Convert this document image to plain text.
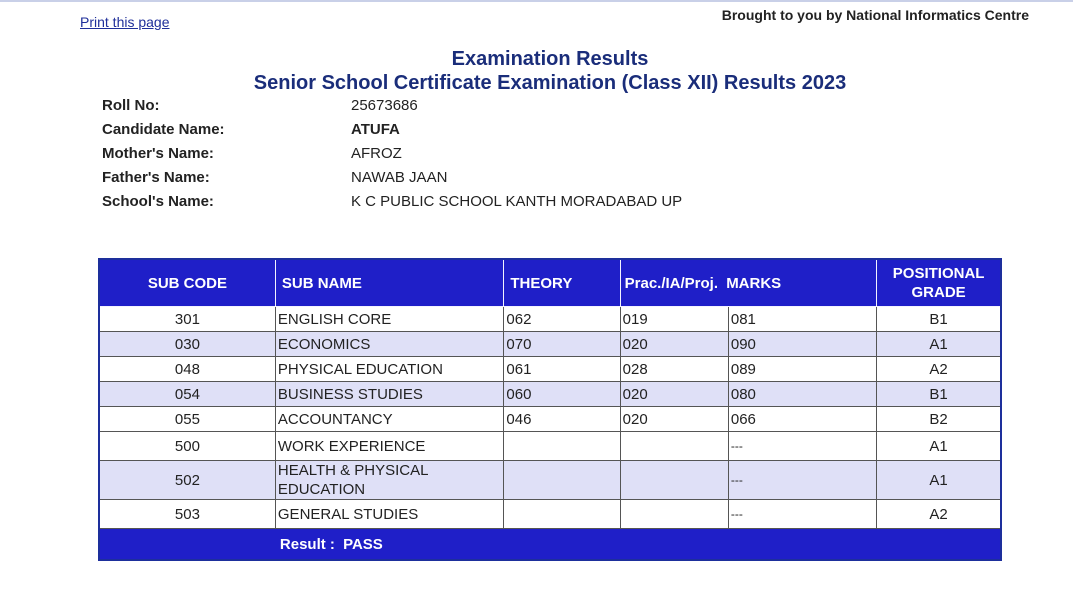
Print this page	Brought to you by National Informatics Centre
Examination Results
Senior School Certificate Examination (Class XII) Results 2023
Roll No:	25673686
Candidate Name:	ATUFA
Mother's Name:	AFROZ
Father's Name:	NAWAB JAAN
School's Name:	K C PUBLIC SCHOOL KANTH MORADABAD UP
SUB CODE	SUB NAME	THEORY	Prac./IA/Proj. MARKS		POSITIONAL
GRADE
301	ENGLISH CORE	062	019	081	B1
030	ECONOMICS	070	020	090	A1
048	PHYSICAL EDUCATION	061	028	089	A2
054	BUSINESS STUDIES	060	020	080	B1
055	ACCOUNTANCY	046	020	066	B2
500	WORK EXPERIENCE			---	A1
502	HEALTH & PHYSICAL EDUCATION			---	A1
503	GENERAL STUDIES			---	A2
	Result : PASS				
